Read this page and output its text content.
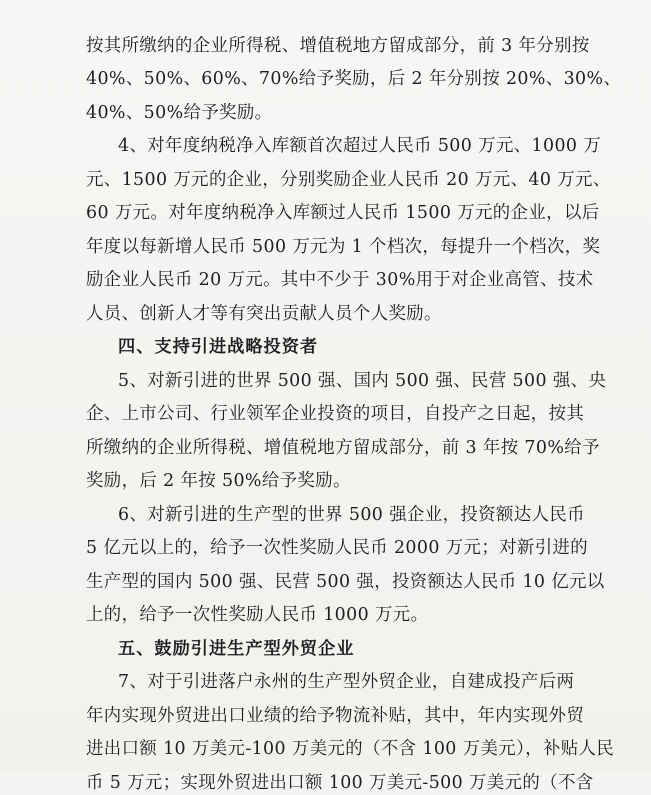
按其所缴纳的企业所得税、增值税地方留成部分，前 3 年分别按
40%、50%、60%、70%给予奖励，后 2 年分别按 20%、30%、
40%、50%给予奖励。
4、对年度纳税净入库额首次超过人民币 500 万元、1000 万
元、1500 万元的企业，分别奖励企业人民币 20 万元、40 万元、
60 万元。对年度纳税净入库额过人民币 1500 万元的企业，以后
年度以每新增人民币 500 万元为 1 个档次，每提升一个档次，奖
励企业人民币 20 万元。其中不少于 30%用于对企业高管、技术
人员、创新人才等有突出贡献人员个人奖励。
四、支持引进战略投资者
5、对新引进的世界 500 强、国内 500 强、民营 500 强、央
企、上市公司、行业领军企业投资的项目，自投产之日起，按其
所缴纳的企业所得税、增值税地方留成部分，前 3 年按 70%给予
奖励，后 2 年按 50%给予奖励。
6、对新引进的生产型的世界 500 强企业，投资额达人民币
5 亿元以上的，给予一次性奖励人民币 2000 万元；对新引进的
生产型的国内 500 强、民营 500 强，投资额达人民币 10 亿元以
上的，给予一次性奖励人民币 1000 万元。
五、鼓励引进生产型外贸企业
7、对于引进落户永州的生产型外贸企业，自建成投产后两
年内实现外贸进出口业绩的给予物流补贴，其中，年内实现外贸
进出口额 10 万美元-100 万美元的（不含 100 万美元），补贴人民
币 5 万元；实现外贸进出口额 100 万美元-500 万美元的（不含
